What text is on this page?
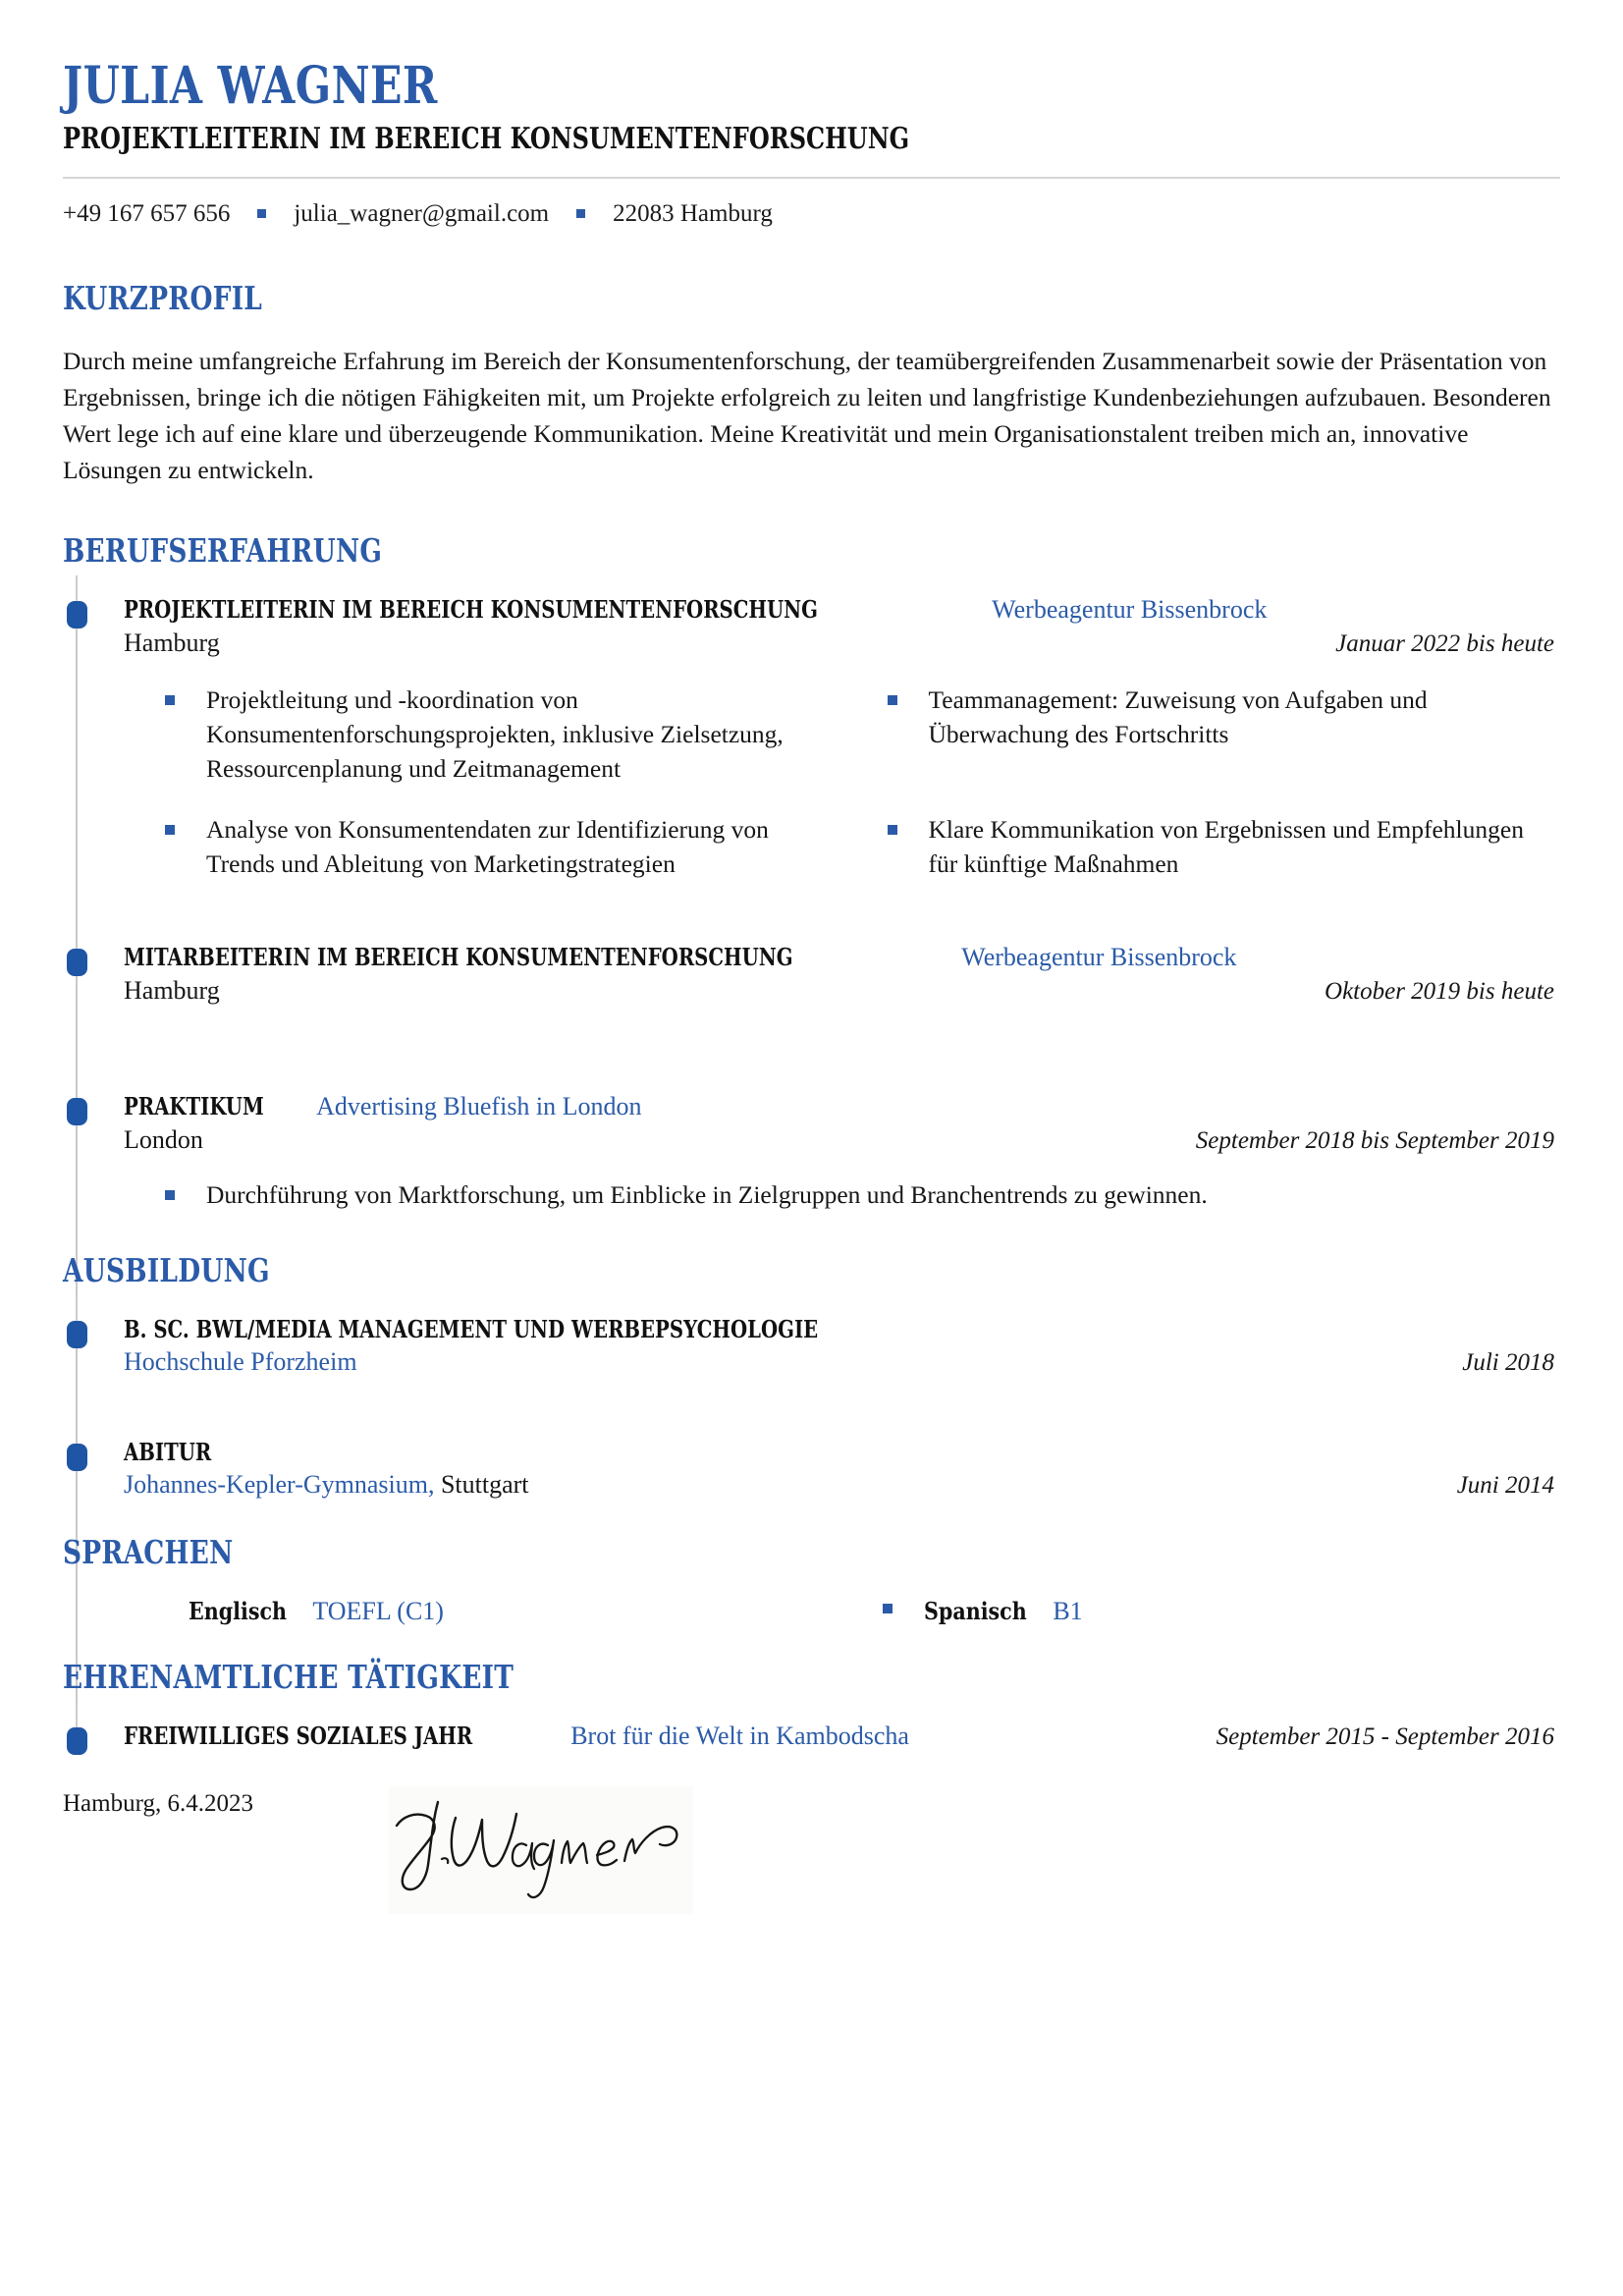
JULIA WAGNER
PROJEKTLEITERIN IM BEREICH KONSUMENTENFORSCHUNG
+49 167 657 656	julia_wagner@gmail.com	22083 Hamburg
KURZPROFIL
Durch meine umfangreiche Erfahrung im Bereich der Konsumentenforschung, der teamübergreifenden Zusammenarbeit sowie der Präsentation von Ergebnissen, bringe ich die nötigen Fähigkeiten mit, um Projekte erfolgreich zu leiten und langfristige Kundenbeziehungen aufzubauen. Besonderen Wert lege ich auf eine klare und überzeugende Kommunikation. Meine Kreativität und mein Organisationstalent treiben mich an, innovative Lösungen zu entwickeln.
BERUFSERFAHRUNG
PROJEKTLEITERIN IM BEREICH KONSUMENTENFORSCHUNG	Werbeagentur Bissenbrock
Hamburg	Januar 2022 bis heute
Projektleitung und -koordination von Konsumentenforschungsprojekten, inklusive Zielsetzung, Ressourcenplanung und Zeitmanagement
Teammanagement: Zuweisung von Aufgaben und Überwachung des Fortschritts
Analyse von Konsumentendaten zur Identifizierung von Trends und Ableitung von Marketingstrategien
Klare Kommunikation von Ergebnissen und Empfehlungen für künftige Maßnahmen
MITARBEITERIN IM BEREICH KONSUMENTENFORSCHUNG	Werbeagentur Bissenbrock
Hamburg	Oktober 2019 bis heute
PRAKTIKUM Advertising Bluefish in London
London	September 2018 bis September 2019
Durchführung von Marktforschung, um Einblicke in Zielgruppen und Branchentrends zu gewinnen.
AUSBILDUNG
B. SC. BWL/MEDIA MANAGEMENT UND WERBEPSYCHOLOGIE
Hochschule Pforzheim	Juli 2018
ABITUR
Johannes-Kepler-Gymnasium, Stuttgart	Juni 2014
SPRACHEN
Englisch TOEFL (C1)	Spanisch B1
EHRENAMTLICHE TÄTIGKEIT
FREIWILLIGES SOZIALES JAHR	Brot für die Welt in Kambodscha	September 2015 - September 2016
Hamburg, 6.4.2023
